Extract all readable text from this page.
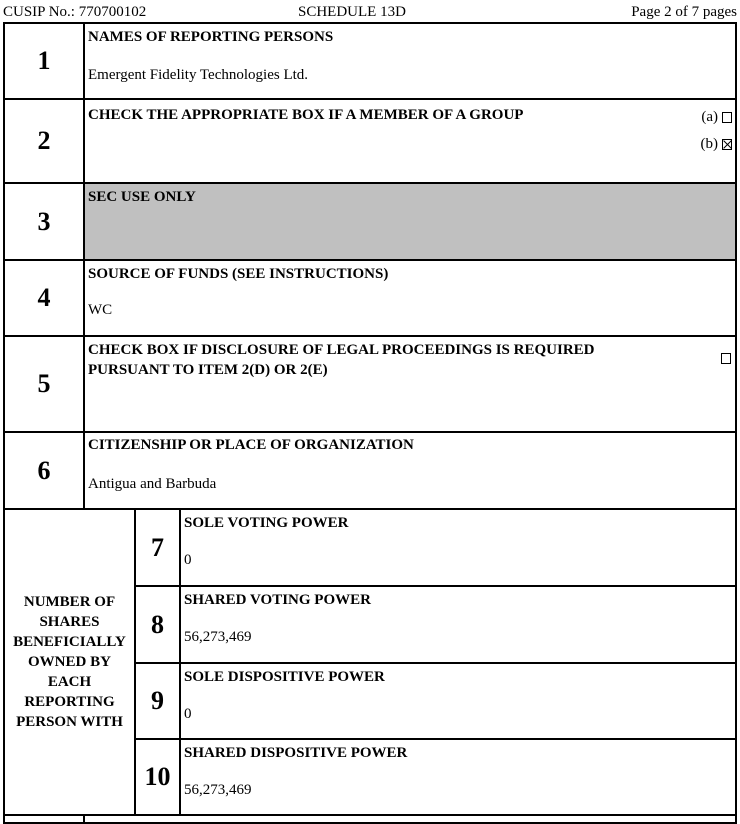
CUSIP No.: 770700102	SCHEDULE 13D	Page 2 of 7 pages
1
NAMES OF REPORTING PERSONS
Emergent Fidelity Technologies Ltd.
2
CHECK THE APPROPRIATE BOX IF A MEMBER OF A GROUP	(a)
(b)
3
SEC USE ONLY
4
SOURCE OF FUNDS (SEE INSTRUCTIONS)
WC
5
CHECK BOX IF DISCLOSURE OF LEGAL PROCEEDINGS IS REQUIRED
PURSUANT TO ITEM 2(D) OR 2(E)
6
CITIZENSHIP OR PLACE OF ORGANIZATION
Antigua and Barbuda
NUMBER OF
SHARES
BENEFICIALLY
OWNED BY
EACH
REPORTING
PERSON WITH
7
SOLE VOTING POWER
0
8
SHARED VOTING POWER
56,273,469
9
SOLE DISPOSITIVE POWER
0
10
SHARED DISPOSITIVE POWER
56,273,469
